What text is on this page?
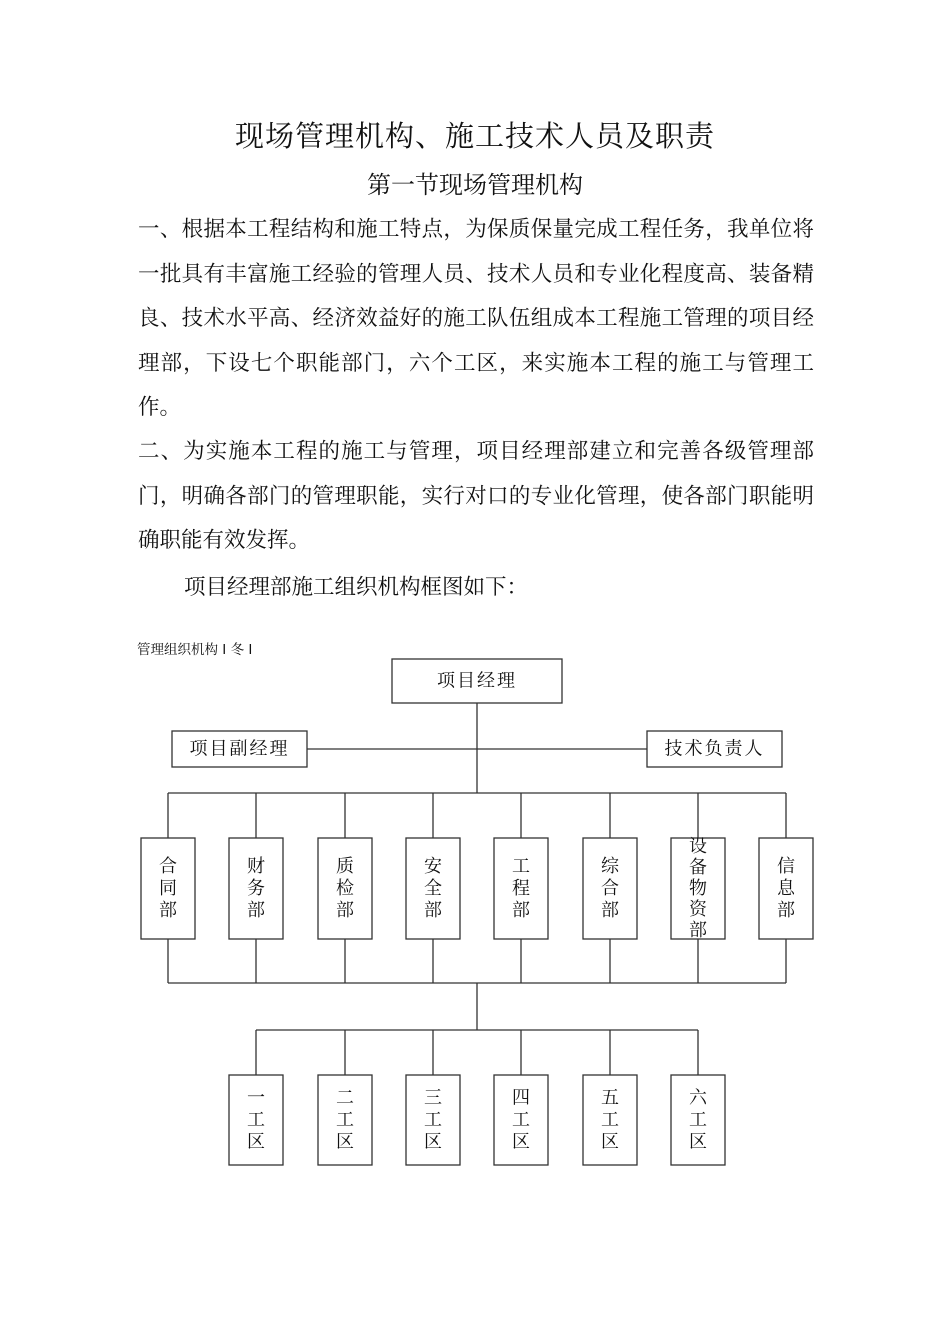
现场管理机构、施工技术人员及职责
第一节现场管理机构
一、根据本工程结构和施工特点，为保质保量完成工程任务，我单位将一批具有丰富施工经验的管理人员、技术人员和专业化程度高、装备精良、技术水平高、经济效益好的施工队伍组成本工程施工管理的项目经理部，下设七个职能部门，六个工区，来实施本工程的施工与管理工作。
二、为实施本工程的施工与管理，项目经理部建立和完善各级管理部门，明确各部门的管理职能，实行对口的专业化管理，使各部门职能明确职能有效发挥。
项目经理部施工组织机构框图如下：
管理组织机构 I 冬 I
项目经理
项目副经理	技术负责人
合同部
财务部
质检部
安全部
工程部
综合部
设备物资部
信息部
一工区
二工区
三工区
四工区
五工区
六工区
